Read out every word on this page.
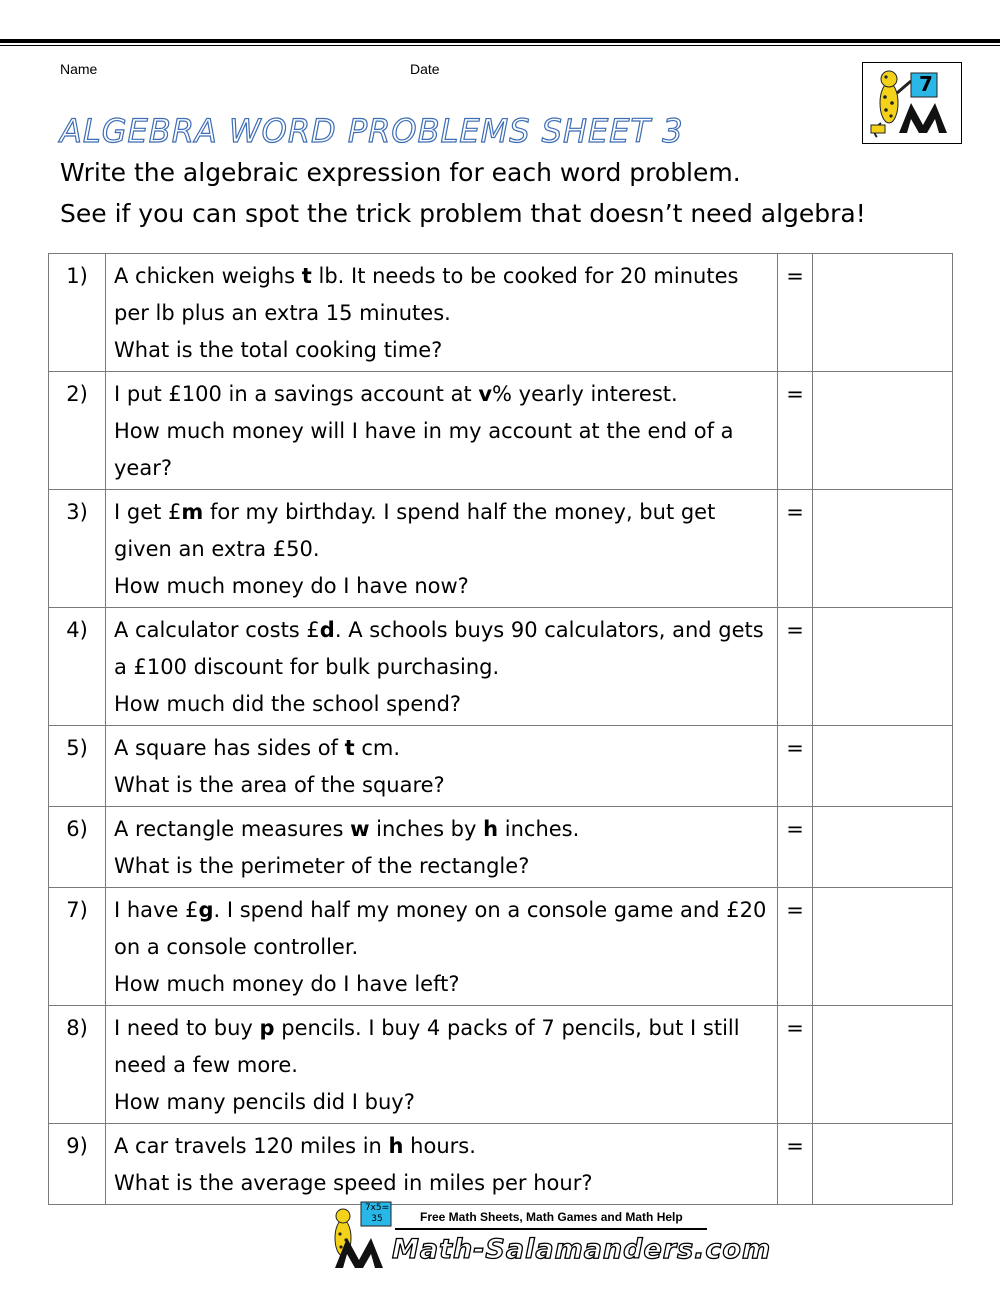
Name	Date
7
ALGEBRA WORD PROBLEMS SHEET 3
Write the algebraic expression for each word problem.
See if you can spot the trick problem that doesn’t need algebra!
1)	A chicken weighs t lb. It needs to be cooked for 20 minutes
per lb plus an extra 15 minutes.
What is the total cooking time?	=	
2)	I put £100 in a savings account at v% yearly interest.
How much money will I have in my account at the end of a
year?	=	
3)	I get £m for my birthday. I spend half the money, but get
given an extra £50.
How much money do I have now?	=	
4)	A calculator costs £d. A schools buys 90 calculators, and gets
a £100 discount for bulk purchasing.
How much did the school spend?	=	
5)	A square has sides of t cm.
What is the area of the square?	=	
6)	A rectangle measures w inches by h inches.
What is the perimeter of the rectangle?	=	
7)	I have £g. I spend half my money on a console game and £20
on a console controller.
How much money do I have left?	=	
8)	I need to buy p pencils. I buy 4 packs of 7 pencils, but I still
need a few more.
How many pencils did I buy?	=	
9)	A car travels 120 miles in h hours.
What is the average speed in miles per hour?	=	
7x5= 35	Free Math Sheets, Math Games and Math Help
Math-Salamanders.com
